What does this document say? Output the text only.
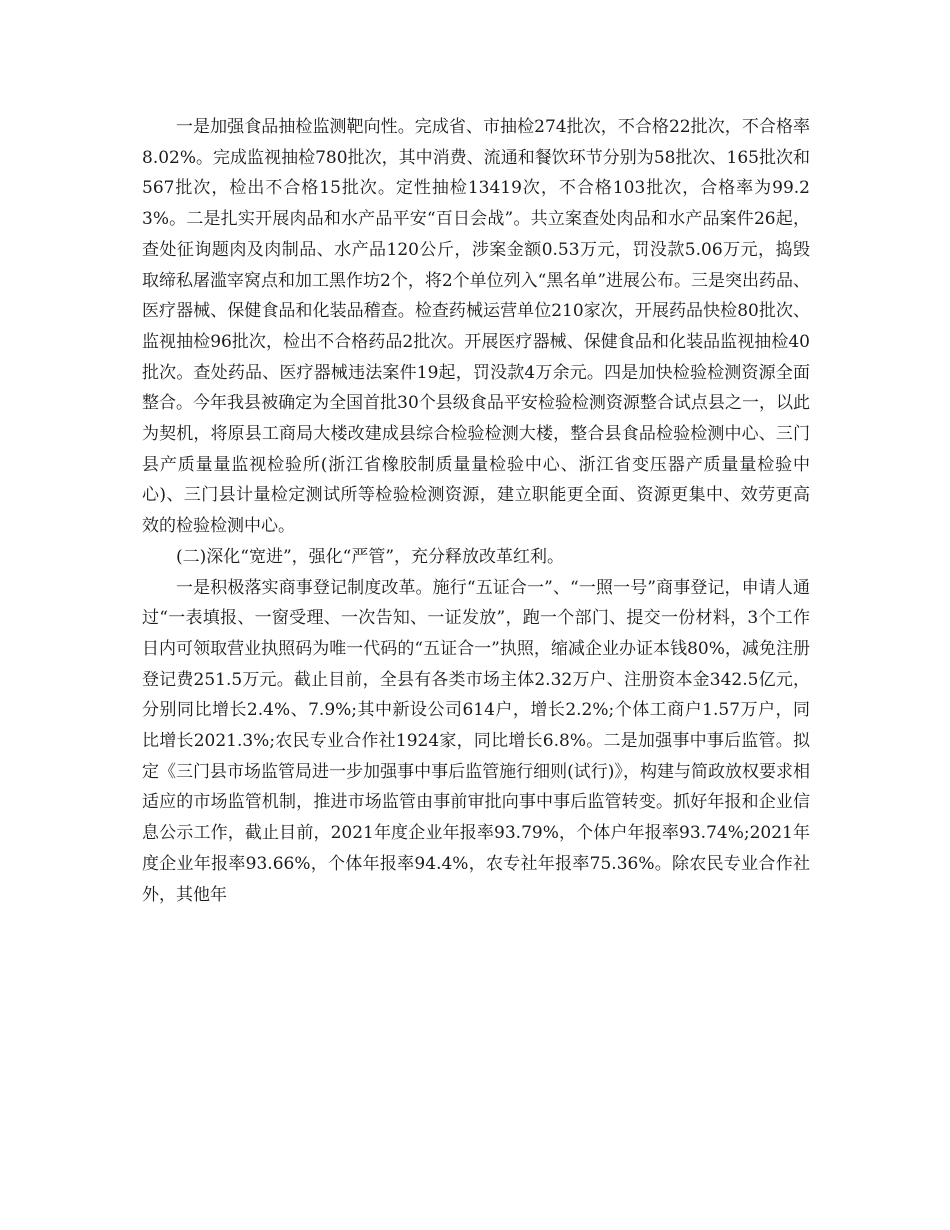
一是加强食品抽检监测靶向性。完成省、市抽检274批次，不合格22批次，不合格率8.02%。完成监视抽检780批次，其中消费、流通和餐饮环节分别为58批次、165批次和567批次，检出不合格15批次。定性抽检13419次，不合格103批次，合格率为99.23%。二是扎实开展肉品和水产品平安“百日会战”。共立案查处肉品和水产品案件26起，查处征询题肉及肉制品、水产品120公斤，涉案金额0.53万元，罚没款5.06万元，捣毁取缔私屠滥宰窝点和加工黑作坊2个，将2个单位列入“黑名单”进展公布。三是突出药品、医疗器械、保健食品和化装品稽查。检查药械运营单位210家次，开展药品快检80批次、监视抽检96批次，检出不合格药品2批次。开展医疗器械、保健食品和化装品监视抽检40批次。查处药品、医疗器械违法案件19起，罚没款4万余元。四是加快检验检测资源全面整合。今年我县被确定为全国首批30个县级食品平安检验检测资源整合试点县之一，以此为契机，将原县工商局大楼改建成县综合检验检测大楼，整合县食品检验检测中心、三门县产质量量监视检验所(浙江省橡胶制质量量检验中心、浙江省变压器产质量量检验中心)、三门县计量检定测试所等检验检测资源，建立职能更全面、资源更集中、效劳更高效的检验检测中心。

(二)深化“宽进”，强化“严管”，充分释放改革红利。

一是积极落实商事登记制度改革。施行“五证合一”、“一照一号”商事登记，申请人通过“一表填报、一窗受理、一次告知、一证发放”，跑一个部门、提交一份材料，3个工作日内可领取营业执照码为唯一代码的“五证合一”执照，缩减企业办证本钱80%，减免注册登记费251.5万元。截止目前，全县有各类市场主体2.32万户、注册资本金342.5亿元，分别同比增长2.4%、7.9%;其中新设公司614户，增长2.2%;个体工商户1.57万户，同比增长2021.3%;农民专业合作社1924家，同比增长6.8%。二是加强事中事后监管。拟定《三门县市场监管局进一步加强事中事后监管施行细则(试行)》，构建与简政放权要求相适应的市场监管机制，推进市场监管由事前审批向事中事后监管转变。抓好年报和企业信息公示工作，截止目前，2021年度企业年报率93.79%，个体户年报率93.74%;2021年度企业年报率93.66%，个体年报率94.4%，农专社年报率75.36%。除农民专业合作社外，其他年
